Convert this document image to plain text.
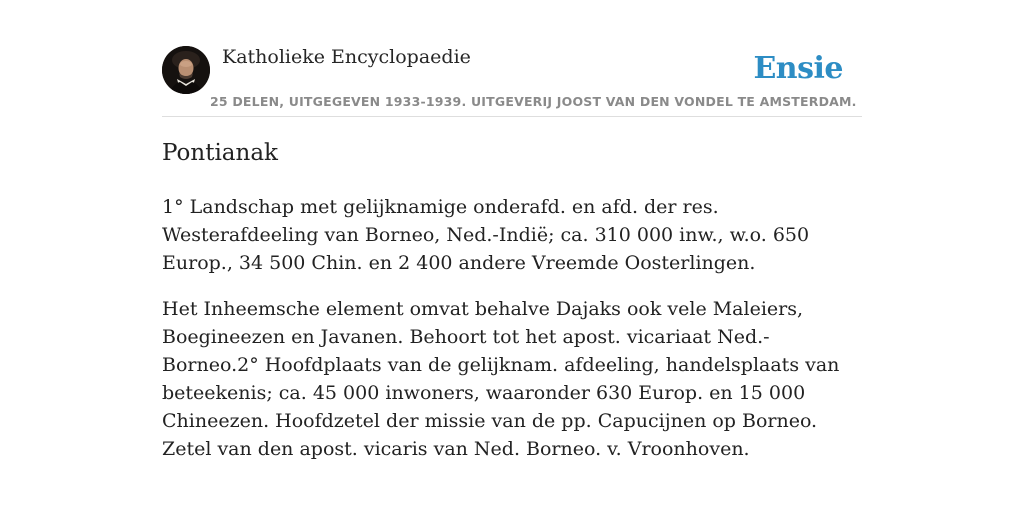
Katholieke Encyclopaedie	Ensie
25 DELEN, UITGEGEVEN 1933-1939. UITGEVERIJ JOOST VAN DEN VONDEL TE AMSTERDAM.
Pontianak

1° Landschap met gelijknamige onderafd. en afd. der res. Westerafdeeling van Borneo, Ned.-Indië; ca. 310 000 inw., w.o. 650 Europ., 34 500 Chin. en 2 400 andere Vreemde Oosterlingen.

Het Inheemsche element omvat behalve Dajaks ook vele Maleiers, Boegineezen en Javanen. Behoort tot het apost. vicariaat Ned.-Borneo.2° Hoofdplaats van de gelijknam. afdeeling, handelsplaats van beteekenis; ca. 45 000 inwoners, waaronder 630 Europ. en 15 000 Chineezen. Hoofdzetel der missie van de pp. Capucijnen op Borneo. Zetel van den apost. vicaris van Ned. Borneo. v. Vroonhoven.
